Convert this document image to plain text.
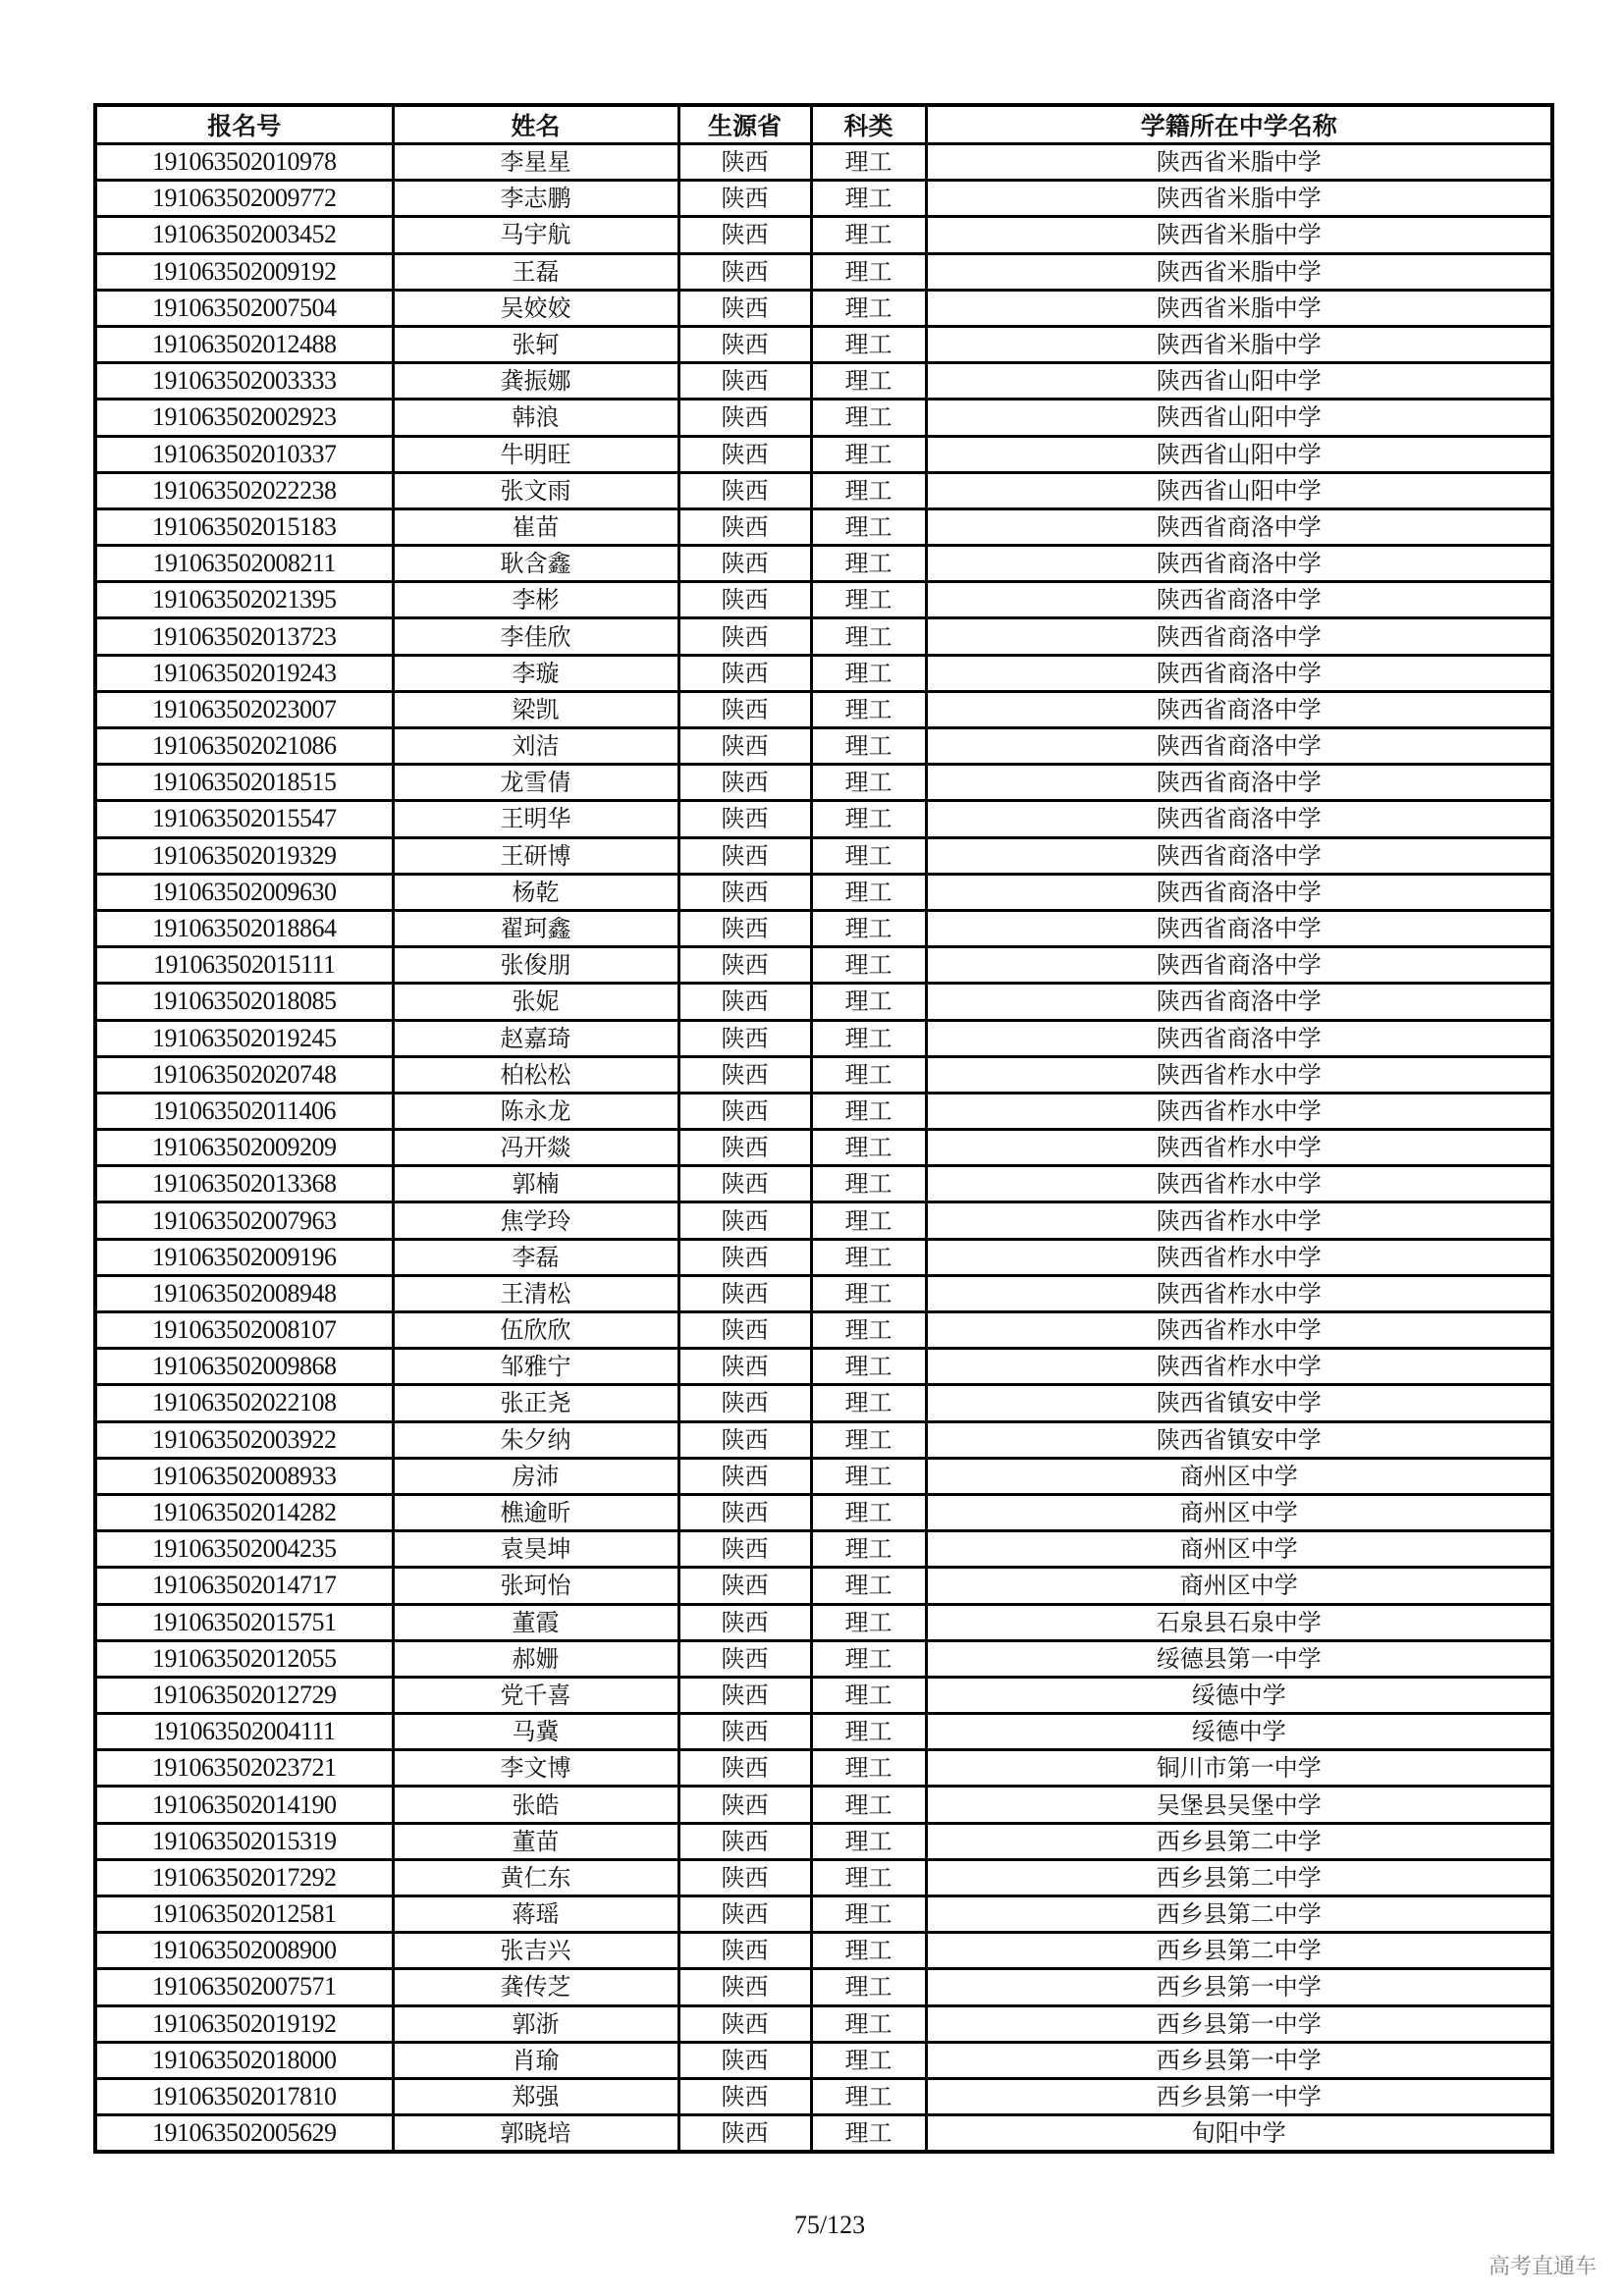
报名号	姓名	生源省	科类	学籍所在中学名称
191063502010978	李星星	陕西	理工	陕西省米脂中学
191063502009772	李志鹏	陕西	理工	陕西省米脂中学
191063502003452	马宇航	陕西	理工	陕西省米脂中学
191063502009192	王磊	陕西	理工	陕西省米脂中学
191063502007504	吴姣姣	陕西	理工	陕西省米脂中学
191063502012488	张轲	陕西	理工	陕西省米脂中学
191063502003333	龚振娜	陕西	理工	陕西省山阳中学
191063502002923	韩浪	陕西	理工	陕西省山阳中学
191063502010337	牛明旺	陕西	理工	陕西省山阳中学
191063502022238	张文雨	陕西	理工	陕西省山阳中学
191063502015183	崔苗	陕西	理工	陕西省商洛中学
191063502008211	耿含鑫	陕西	理工	陕西省商洛中学
191063502021395	李彬	陕西	理工	陕西省商洛中学
191063502013723	李佳欣	陕西	理工	陕西省商洛中学
191063502019243	李璇	陕西	理工	陕西省商洛中学
191063502023007	梁凯	陕西	理工	陕西省商洛中学
191063502021086	刘洁	陕西	理工	陕西省商洛中学
191063502018515	龙雪倩	陕西	理工	陕西省商洛中学
191063502015547	王明华	陕西	理工	陕西省商洛中学
191063502019329	王研博	陕西	理工	陕西省商洛中学
191063502009630	杨乾	陕西	理工	陕西省商洛中学
191063502018864	翟珂鑫	陕西	理工	陕西省商洛中学
191063502015111	张俊朋	陕西	理工	陕西省商洛中学
191063502018085	张妮	陕西	理工	陕西省商洛中学
191063502019245	赵嘉琦	陕西	理工	陕西省商洛中学
191063502020748	柏松松	陕西	理工	陕西省柞水中学
191063502011406	陈永龙	陕西	理工	陕西省柞水中学
191063502009209	冯开燚	陕西	理工	陕西省柞水中学
191063502013368	郭楠	陕西	理工	陕西省柞水中学
191063502007963	焦学玲	陕西	理工	陕西省柞水中学
191063502009196	李磊	陕西	理工	陕西省柞水中学
191063502008948	王清松	陕西	理工	陕西省柞水中学
191063502008107	伍欣欣	陕西	理工	陕西省柞水中学
191063502009868	邹雅宁	陕西	理工	陕西省柞水中学
191063502022108	张正尧	陕西	理工	陕西省镇安中学
191063502003922	朱夕纳	陕西	理工	陕西省镇安中学
191063502008933	房沛	陕西	理工	商州区中学
191063502014282	樵逾昕	陕西	理工	商州区中学
191063502004235	袁昊坤	陕西	理工	商州区中学
191063502014717	张珂怡	陕西	理工	商州区中学
191063502015751	董霞	陕西	理工	石泉县石泉中学
191063502012055	郝姗	陕西	理工	绥德县第一中学
191063502012729	党千喜	陕西	理工	绥德中学
191063502004111	马冀	陕西	理工	绥德中学
191063502023721	李文博	陕西	理工	铜川市第一中学
191063502014190	张皓	陕西	理工	吴堡县吴堡中学
191063502015319	董苗	陕西	理工	西乡县第二中学
191063502017292	黄仁东	陕西	理工	西乡县第二中学
191063502012581	蒋瑶	陕西	理工	西乡县第二中学
191063502008900	张吉兴	陕西	理工	西乡县第二中学
191063502007571	龚传芝	陕西	理工	西乡县第一中学
191063502019192	郭浙	陕西	理工	西乡县第一中学
191063502018000	肖瑜	陕西	理工	西乡县第一中学
191063502017810	郑强	陕西	理工	西乡县第一中学
191063502005629	郭晓培	陕西	理工	旬阳中学
75/123
高考直通车
